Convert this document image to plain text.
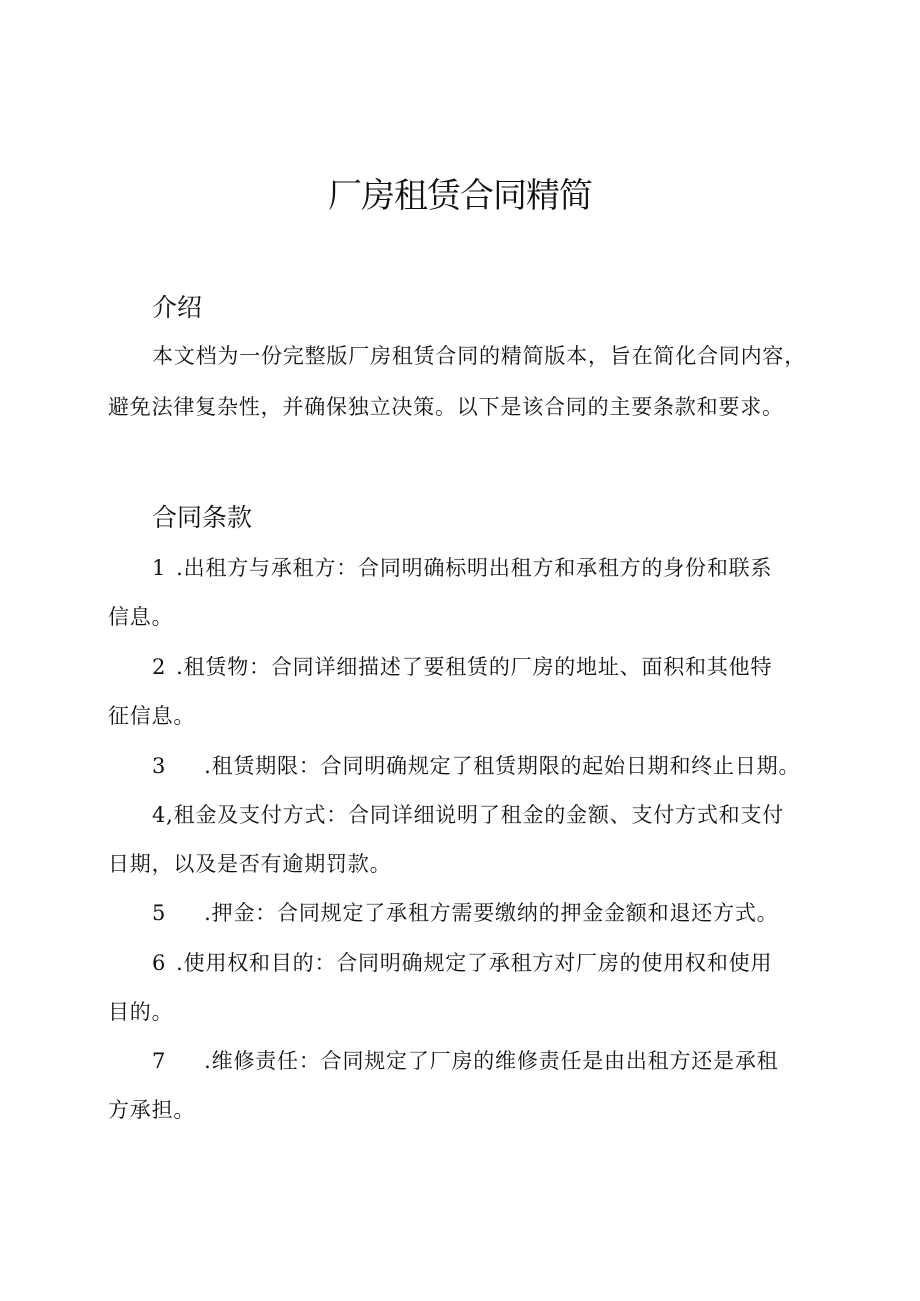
厂房租赁合同精简
介绍
本文档为一份完整版厂房租赁合同的精简版本，旨在简化合同内容，
避免法律复杂性，并确保独立决策。以下是该合同的主要条款和要求。
合同条款
1 .出租方与承租方：合同明确标明出租方和承租方的身份和联系
信息。
2 .租赁物：合同详细描述了要租赁的厂房的地址、面积和其他特
征信息。
3 .租赁期限：合同明确规定了租赁期限的起始日期和终止日期。
4,租金及支付方式：合同详细说明了租金的金额、支付方式和支付
日期，以及是否有逾期罚款。
5 .押金：合同规定了承租方需要缴纳的押金金额和退还方式。
6 .使用权和目的：合同明确规定了承租方对厂房的使用权和使用
目的。
7 .维修责任：合同规定了厂房的维修责任是由出租方还是承租
方承担。
